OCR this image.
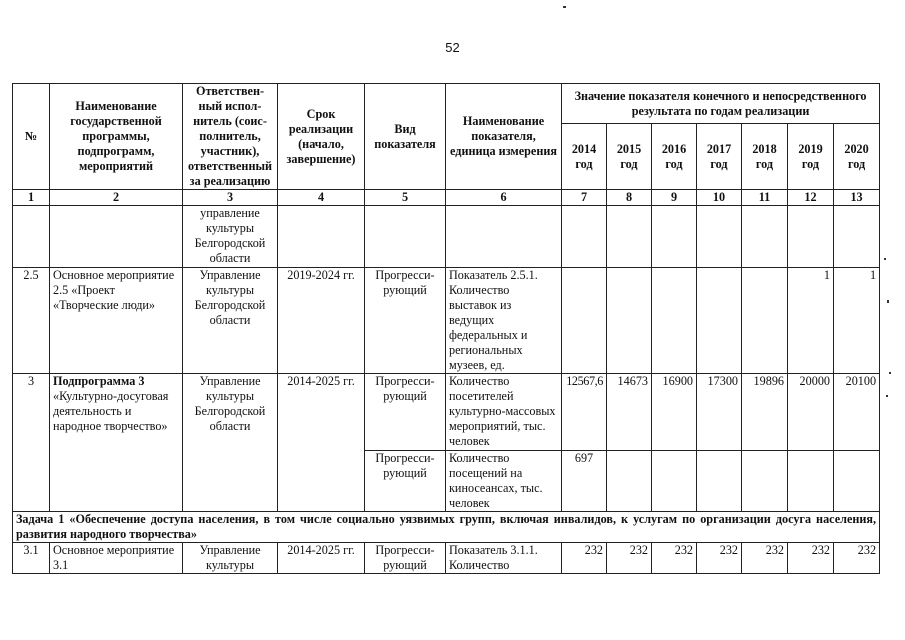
52
№	Наименование государственной программы, подпрограмм, мероприятий	Ответствен-ный испол-нитель (соис-полнитель, участник), ответственный за реализацию	Срок реализации (начало, завершение)	Вид показателя	Наименование показателя, единица измерения	Значение показателя конечного и непосредственного результата по годам реализации						
						2014 год	2015 год	2016 год	2017 год	2018 год	2019 год	2020 год
1	2	3	4	5	6	7	8	9	10	11	12	13
		управление культуры Белгородской области										
2.5	Основное мероприятие 2.5 «Проект «Творческие люди»	Управление культуры Белгородской области	2019-2024 гг.	Прогресси-рующий	Показатель 2.5.1. Количество выставок из ведущих федеральных и региональных музеев, ед.						1	1
3	Подпрограмма 3 «Культурно-досуговая деятельность и народное творчество»	Управление культуры Белгородской области	2014-2025 гг.	Прогресси-рующий	Количество посетителей культурно-массовых мероприятий, тыс. человек	12567,6	14673	16900	17300	19896	20000	20100
				Прогресси-рующий	Количество посещений на киносеансах, тыс. человек	697						
Задача 1 «Обеспечение доступа населения, в том числе социально уязвимых групп, включая инвалидов, к услугам по организации досуга населения, развития народного творчества»												
3.1	Основное мероприятие 3.1	Управление культуры	2014-2025 гг.	Прогресси-рующий	Показатель 3.1.1. Количество	232	232	232	232	232	232	232
